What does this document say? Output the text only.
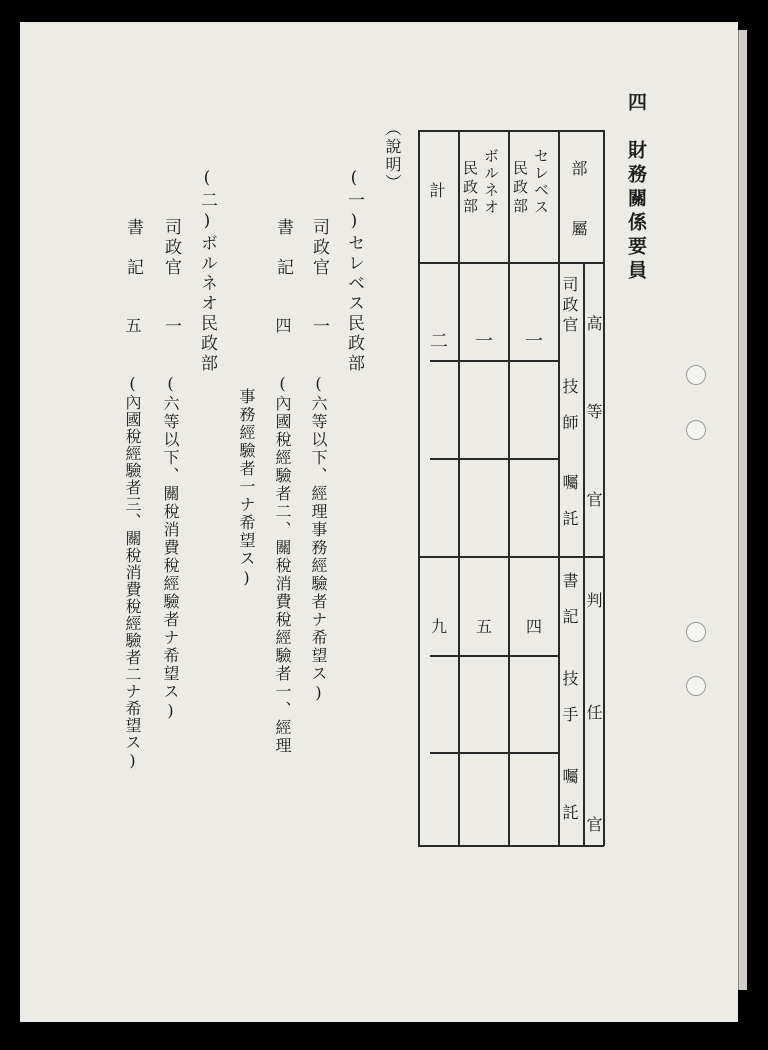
四　財務關係要員
部　屬
高　等　官
判　任　官
司政官
技　師
囑　託
書　記
技　手
囑　託
セレベス
民政部
ボルネオ
民政部
計
一
一
二
四
五
九
（說明）
(一)セレベス民政部
司政官
一
(六等以下、經理事務經驗者ナ希望ス)
書　記
四
(內國稅經驗者二、關稅消費稅經驗者一、經理
事務經驗者一ナ希望ス)
(二)ボルネオ民政部
司政官
一
(六等以下、關稅消費稅經驗者ナ希望ス)
書　記
五
(內國稅經驗者三、關稅消費稅經驗者二ナ希望ス)
